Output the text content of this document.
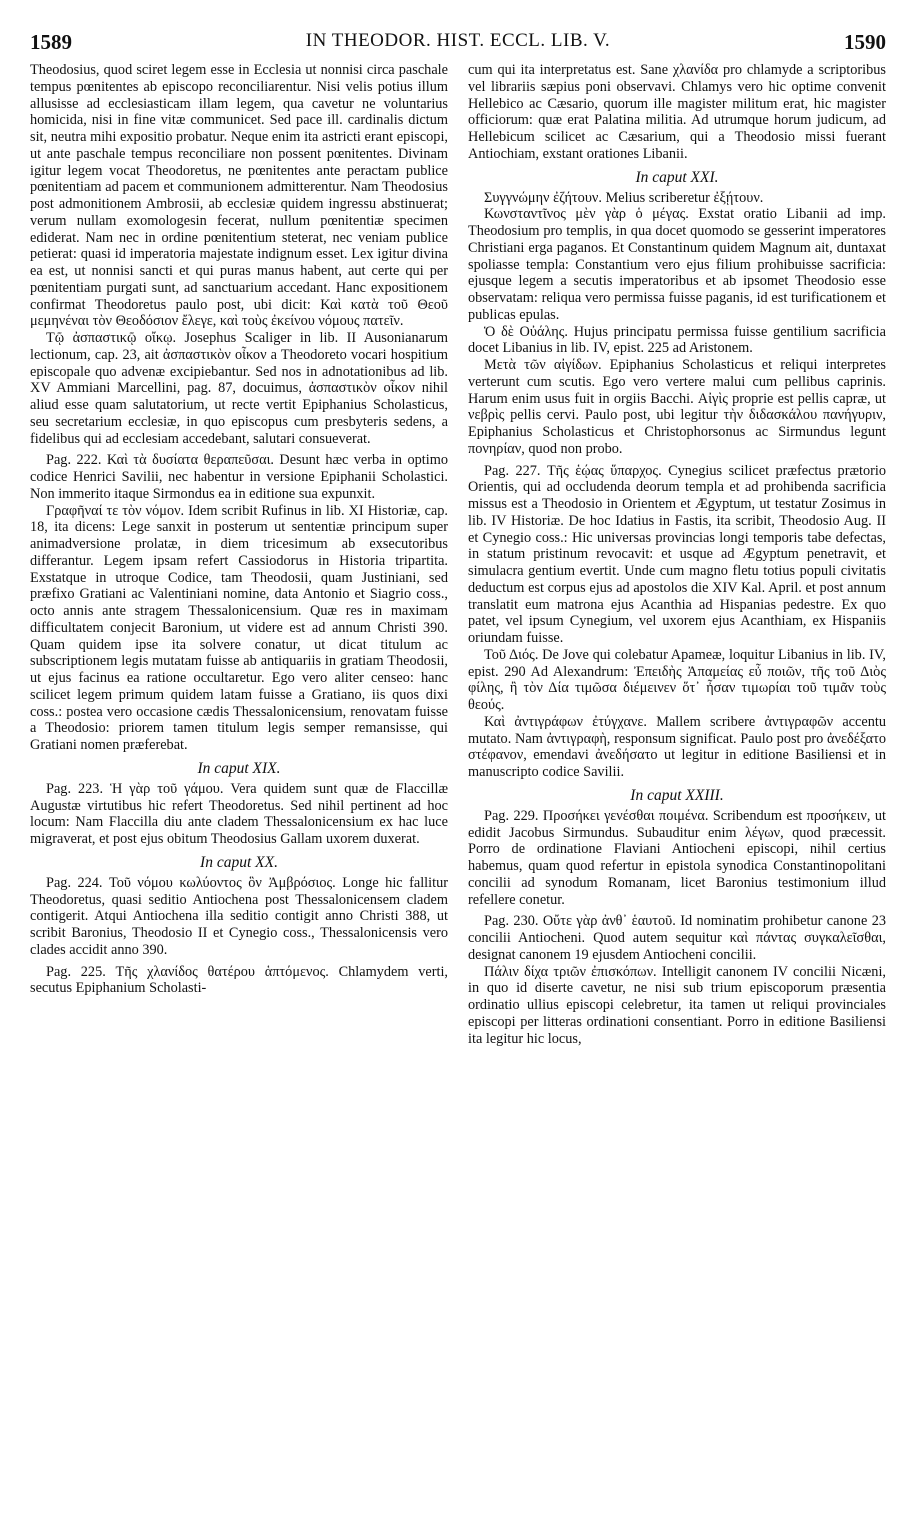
1589	IN THEODOR. HIST. ECCL. LIB. V.	1590

Theodosius, quod sciret legem esse in Ecclesia ut nonnisi circa paschale tempus pœnitentes ab episcopo reconciliarentur. Nisi velis potius illum allusisse ad ecclesiasticam illam legem, qua cavetur ne voluntarius homicida, nisi in fine vitæ communicet. Sed pace ill. cardinalis dictum sit, neutra mihi expositio probatur. Neque enim ita astricti erant episcopi, ut ante paschale tempus reconciliare non possent pœnitentes. Divinam igitur legem vocat Theodoretus, ne pœnitentes ante peractam publice pœnitentiam ad pacem et communionem admitterentur. Nam Theodosius post admonitionem Ambrosii, ab ecclesiæ quidem ingressu abstinuerat; verum nullam exomologesin fecerat, nullum pœnitentiæ specimen ediderat. Nam nec in ordine pœnitentium steterat, nec veniam publice petierat: quasi id imperatoria majestate indignum esset. Lex igitur divina ea est, ut nonnisi sancti et qui puras manus habent, aut certe qui per pœnitentiam purgati sunt, ad sanctuarium accedant. Hanc expositionem confirmat Theodoretus paulo post, ubi dicit: Καὶ κατὰ τοῦ Θεοῦ μεμηνέναι τὸν Θεοδόσιον ἔλεγε, καὶ τοὺς ἐκείνου νόμους πατεῖν.

Τῷ ἀσπαστικῷ οἴκῳ. Josephus Scaliger in lib. II Ausonianarum lectionum, cap. 23, ait ἀσπαστικὸν οἶκον a Theodoreto vocari hospitium episcopale quo advenæ excipiebantur. Sed nos in adnotationibus ad lib. XV Ammiani Marcellini, pag. 87, docuimus, ἀσπαστικὸν οἶκον nihil aliud esse quam salutatorium, ut recte vertit Epiphanius Scholasticus, seu secretarium ecclesiæ, in quo episcopus cum presbyteris sedens, a fidelibus qui ad ecclesiam accedebant, salutari consueverat.

Pag. 222. Καὶ τὰ δυσίατα θεραπεῦσαι. Desunt hæc verba in optimo codice Henrici Savilii, nec habentur in versione Epiphanii Scholastici. Non immerito itaque Sirmondus ea in editione sua expunxit.

Γραφῆναί τε τὸν νόμον. Idem scribit Rufinus in lib. XI Historiæ, cap. 18, ita dicens: Lege sanxit in posterum ut sententiæ principum super animadversione prolatæ, in diem tricesimum ab exsecutoribus differantur. Legem ipsam refert Cassiodorus in Historia tripartita. Exstatque in utroque Codice, tam Theodosii, quam Justiniani, sed præfixo Gratiani ac Valentiniani nomine, data Antonio et Siagrio coss., octo annis ante stragem Thessalonicensium. Quæ res in maximam difficultatem conjecit Baronium, ut videre est ad annum Christi 390. Quam quidem ipse ita solvere conatur, ut dicat titulum ac subscriptionem legis mutatam fuisse ab antiquariis in gratiam Theodosii, ut ejus facinus ea ratione occultaretur. Ego vero aliter censeo: hanc scilicet legem primum quidem latam fuisse a Gratiano, iis quos dixi coss.: postea vero occasione cædis Thessalonicensium, renovatam fuisse a Theodosio: priorem tamen titulum legis semper remansisse, qui Gratiani nomen præferebat.

In caput XIX.

Pag. 223. Ἡ γὰρ τοῦ γάμου. Vera quidem sunt quæ de Flaccillæ Augustæ virtutibus hic refert Theodoretus. Sed nihil pertinent ad hoc locum: Nam Flaccilla diu ante cladem Thessalonicensium ex hac luce migraverat, et post ejus obitum Theodosius Gallam uxorem duxerat.

In caput XX.

Pag. 224. Τοῦ νόμου κωλύοντος ὃν Ἀμβρόσιος. Longe hic fallitur Theodoretus, quasi seditio Antiochena post Thessalonicensem cladem contigerit. Atqui Antiochena illa seditio contigit anno Christi 388, ut scribit Baronius, Theodosio II et Cynegio coss., Thessalonicensis vero clades accidit anno 390.

Pag. 225. Τῆς χλανίδος θατέρου ἁπτόμενος. Chlamydem verti, secutus Epiphanium Scholasti-

cum qui ita interpretatus est. Sane χλανίδα pro chlamyde a scriptoribus vel librariis sæpius poni observavi. Chlamys vero hic optime convenit Hellebico ac Cæsario, quorum ille magister militum erat, hic magister officiorum: quæ erat Palatina militia. Ad utrumque horum judicum, ad Hellebicum scilicet ac Cæsarium, qui a Theodosio missi fuerant Antiochiam, exstant orationes Libanii.

In caput XXI.

Συγγνώμην ἐζήτουν. Melius scriberetur ἐξῄτουν.

Κωνσταντῖνος μὲν γὰρ ὁ μέγας. Exstat oratio Libanii ad imp. Theodosium pro templis, in qua docet quomodo se gesserint imperatores Christiani erga paganos. Et Constantinum quidem Magnum ait, duntaxat spoliasse templa: Constantium vero ejus filium prohibuisse sacrificia: ejusque legem a secutis imperatoribus et ab ipsomet Theodosio esse observatam: reliqua vero permissa fuisse paganis, id est turificationem et publicas epulas.

Ὁ δὲ Οὐάλης. Hujus principatu permissa fuisse gentilium sacrificia docet Libanius in lib. IV, epist. 225 ad Aristonem.

Μετὰ τῶν αἰγίδων. Epiphanius Scholasticus et reliqui interpretes verterunt cum scutis. Ego vero vertere malui cum pellibus caprinis. Harum enim usus fuit in orgiis Bacchi. Αἰγὶς proprie est pellis capræ, ut νεβρὶς pellis cervi. Paulo post, ubi legitur τὴν διδασκάλου πανήγυριν, Epiphanius Scholasticus et Christophorsonus ac Sirmundus legunt πονηρίαν, quod non probo.

Pag. 227. Τῆς ἑῴας ὕπαρχος. Cynegius scilicet præfectus prætorio Orientis, qui ad occludenda deorum templa et ad prohibenda sacrificia missus est a Theodosio in Orientem et Ægyptum, ut testatur Zosimus in lib. IV Historiæ. De hoc Idatius in Fastis, ita scribit, Theodosio Aug. II et Cynegio coss.: Hic universas provincias longi temporis tabe defectas, in statum pristinum revocavit: et usque ad Ægyptum penetravit, et simulacra gentium evertit. Unde cum magno fletu totius populi civitatis deductum est corpus ejus ad apostolos die XIV Kal. April. et post annum translatit eum matrona ejus Acanthia ad Hispanias pedestre. Ex quo patet, vel ipsum Cynegium, vel uxorem ejus Acanthiam, ex Hispaniis oriundam fuisse.

Τοῦ Διός. De Jove qui colebatur Apameæ, loquitur Libanius in lib. IV, epist. 290 Ad Alexandrum: Ἐπειδὴς Ἀπαμείας εὖ ποιῶν, τῆς τοῦ Διὸς φίλης, ἢ τὸν Δία τιμῶσα διέμεινεν ὅτ᾽ ἦσαν τιμωρίαι τοῦ τιμᾶν τοὺς θεούς.

Καὶ ἀντιγράφων ἐτύγχανε. Mallem scribere ἀντιγραφῶν accentu mutato. Nam ἀντιγραφὴ, responsum significat. Paulo post pro ἀνεδέξατο στέφανον, emendavi ἀνεδήσατο ut legitur in editione Basiliensi et in manuscripto codice Savilii.

In caput XXIII.

Pag. 229. Προσήκει γενέσθαι ποιμένα. Scribendum est προσήκειν, ut edidit Jacobus Sirmundus. Subauditur enim λέγων, quod præcessit. Porro de ordinatione Flaviani Antiocheni episcopi, nihil certius habemus, quam quod refertur in epistola synodica Constantinopolitani concilii ad synodum Romanam, licet Baronius testimonium illud refellere conetur.

Pag. 230. Οὔτε γὰρ ἀνθ᾽ ἑαυτοῦ. Id nominatim prohibetur canone 23 concilii Antiocheni. Quod autem sequitur καὶ πάντας συγκαλεῖσθαι, designat canonem 19 ejusdem Antiocheni concilii.

Πάλιν δίχα τριῶν ἐπισκόπων. Intelligit canonem IV concilii Nicæni, in quo id diserte cavetur, ne nisi sub trium episcoporum præsentia ordinatio ullius episcopi celebretur, ita tamen ut reliqui provinciales episcopi per litteras ordinationi consentiant. Porro in editione Basiliensi ita legitur hic locus,
